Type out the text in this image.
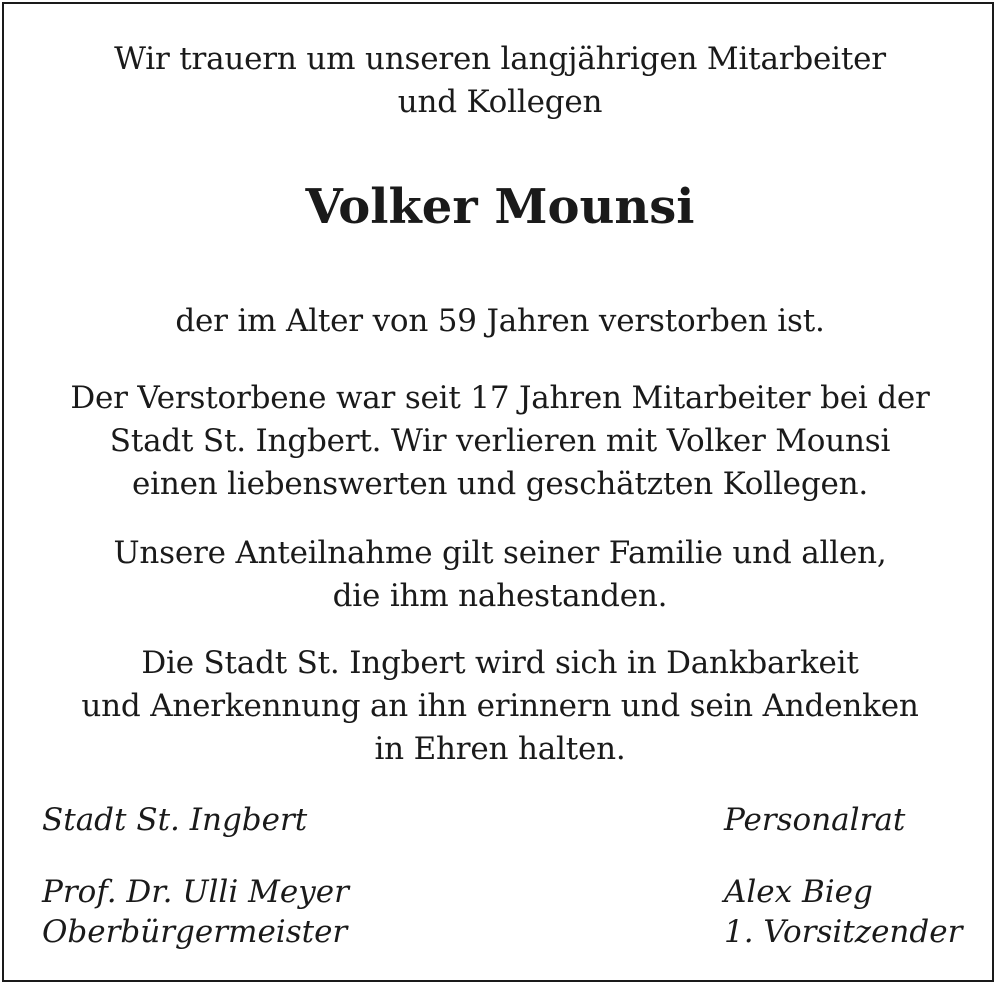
Wir trauern um unseren langjährigen Mitarbeiter
und Kollegen
Volker Mounsi
der im Alter von 59 Jahren verstorben ist.
Der Verstorbene war seit 17 Jahren Mitarbeiter bei der
Stadt St. Ingbert. Wir verlieren mit Volker Mounsi
einen liebenswerten und geschätzten Kollegen.
Unsere Anteilnahme gilt seiner Familie und allen,
die ihm nahestanden.
Die Stadt St. Ingbert wird sich in Dankbarkeit
und Anerkennung an ihn erinnern und sein Andenken
in Ehren halten.
Stadt St. Ingbert
Prof. Dr. Ulli Meyer
Oberbürgermeister
Personalrat
Alex Bieg
1. Vorsitzender
